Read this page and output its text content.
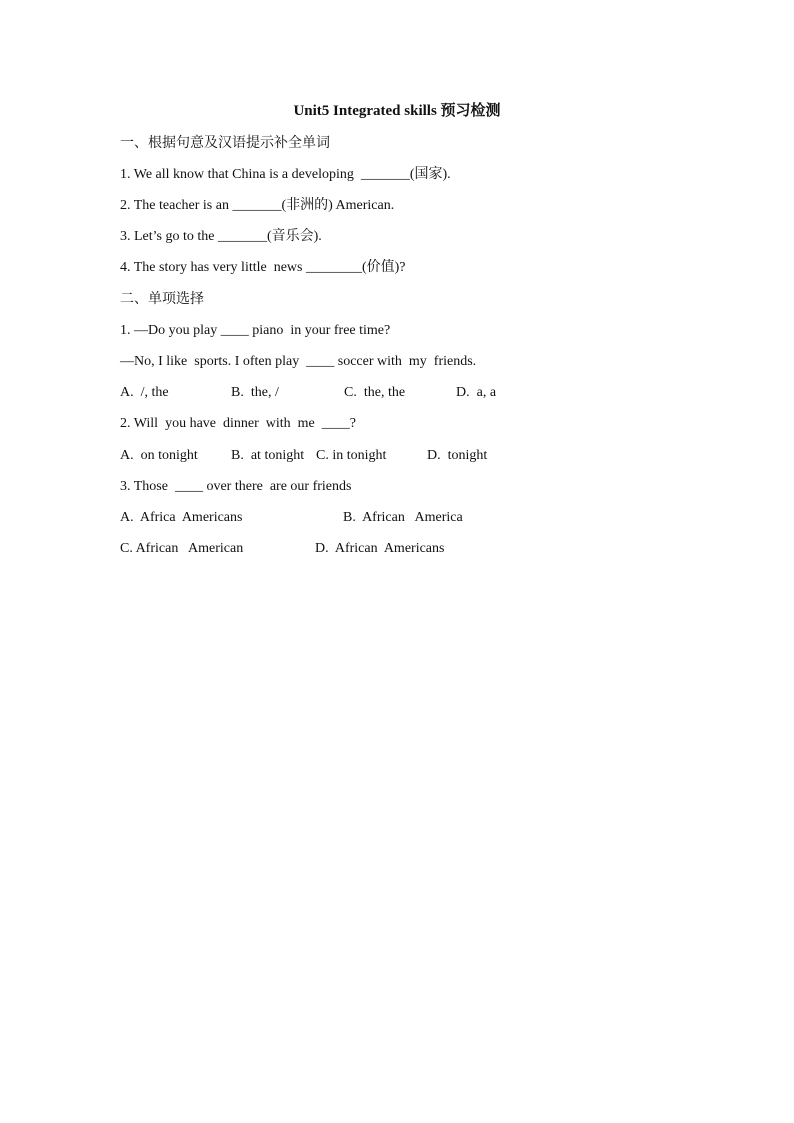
Unit5 Integrated skills 预习检测
一、根据句意及汉语提示补全单词
1. We all know that China is a developing  _______(国家).
2. The teacher is an _______(非洲的) American.
3. Let’s go to the _______(音乐会).
4. The story has very little  news ________(价值)?
二、单项选择
1. —Do you play ____ piano  in your free time?
—No, I like  sports. I often play  ____ soccer with  my  friends.
A.  /, the	B.  the, /	C.  the, the	D.  a, a
2. Will  you have  dinner  with  me  ____?
A.  on tonight B.  at tonight C. in tonight	D.  tonight
3. Those  ____ over there  are our friends
A.  Africa  Americans	B.  African   America
C. African   American	D.  African  Americans
